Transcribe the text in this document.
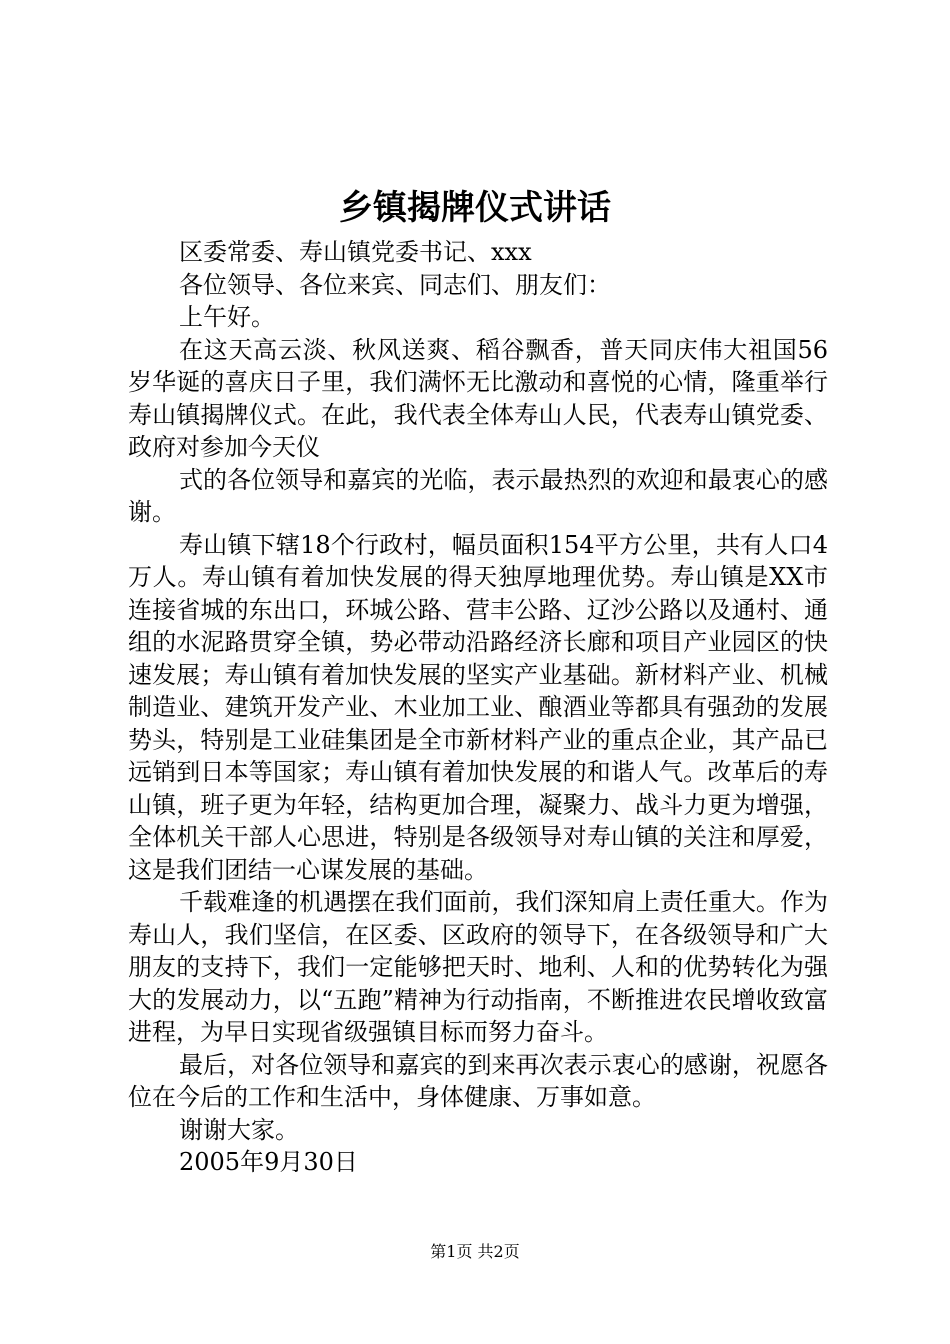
乡镇揭牌仪式讲话

区委常委、寿山镇党委书记、xxx

各位领导、各位来宾、同志们、朋友们：

上午好。

在这天高云淡、秋风送爽、稻谷飘香，普天同庆伟大祖国56岁华诞的喜庆日子里，我们满怀无比激动和喜悦的心情，隆重举行寿山镇揭牌仪式。在此，我代表全体寿山人民，代表寿山镇党委、政府对参加今天仪

式的各位领导和嘉宾的光临，表示最热烈的欢迎和最衷心的感谢。

寿山镇下辖18个行政村，幅员面积154平方公里，共有人口4万人。寿山镇有着加快发展的得天独厚地理优势。寿山镇是XX市连接省城的东出口，环城公路、营丰公路、辽沙公路以及通村、通组的水泥路贯穿全镇，势必带动沿路经济长廊和项目产业园区的快速发展；寿山镇有着加快发展的坚实产业基础。新材料产业、机械制造业、建筑开发产业、木业加工业、酿酒业等都具有强劲的发展势头，特别是工业硅集团是全市新材料产业的重点企业，其产品已远销到日本等国家；寿山镇有着加快发展的和谐人气。改革后的寿山镇，班子更为年轻，结构更加合理，凝聚力、战斗力更为增强，全体机关干部人心思进，特别是各级领导对寿山镇的关注和厚爱，这是我们团结一心谋发展的基础。

千载难逢的机遇摆在我们面前，我们深知肩上责任重大。作为寿山人，我们坚信，在区委、区政府的领导下，在各级领导和广大朋友的支持下，我们一定能够把天时、地利、人和的优势转化为强大的发展动力，以“五跑”精神为行动指南，不断推进农民增收致富进程，为早日实现省级强镇目标而努力奋斗。

最后，对各位领导和嘉宾的到来再次表示衷心的感谢，祝愿各位在今后的工作和生活中，身体健康、万事如意。

谢谢大家。

2005年9月30日

第1页 共2页
